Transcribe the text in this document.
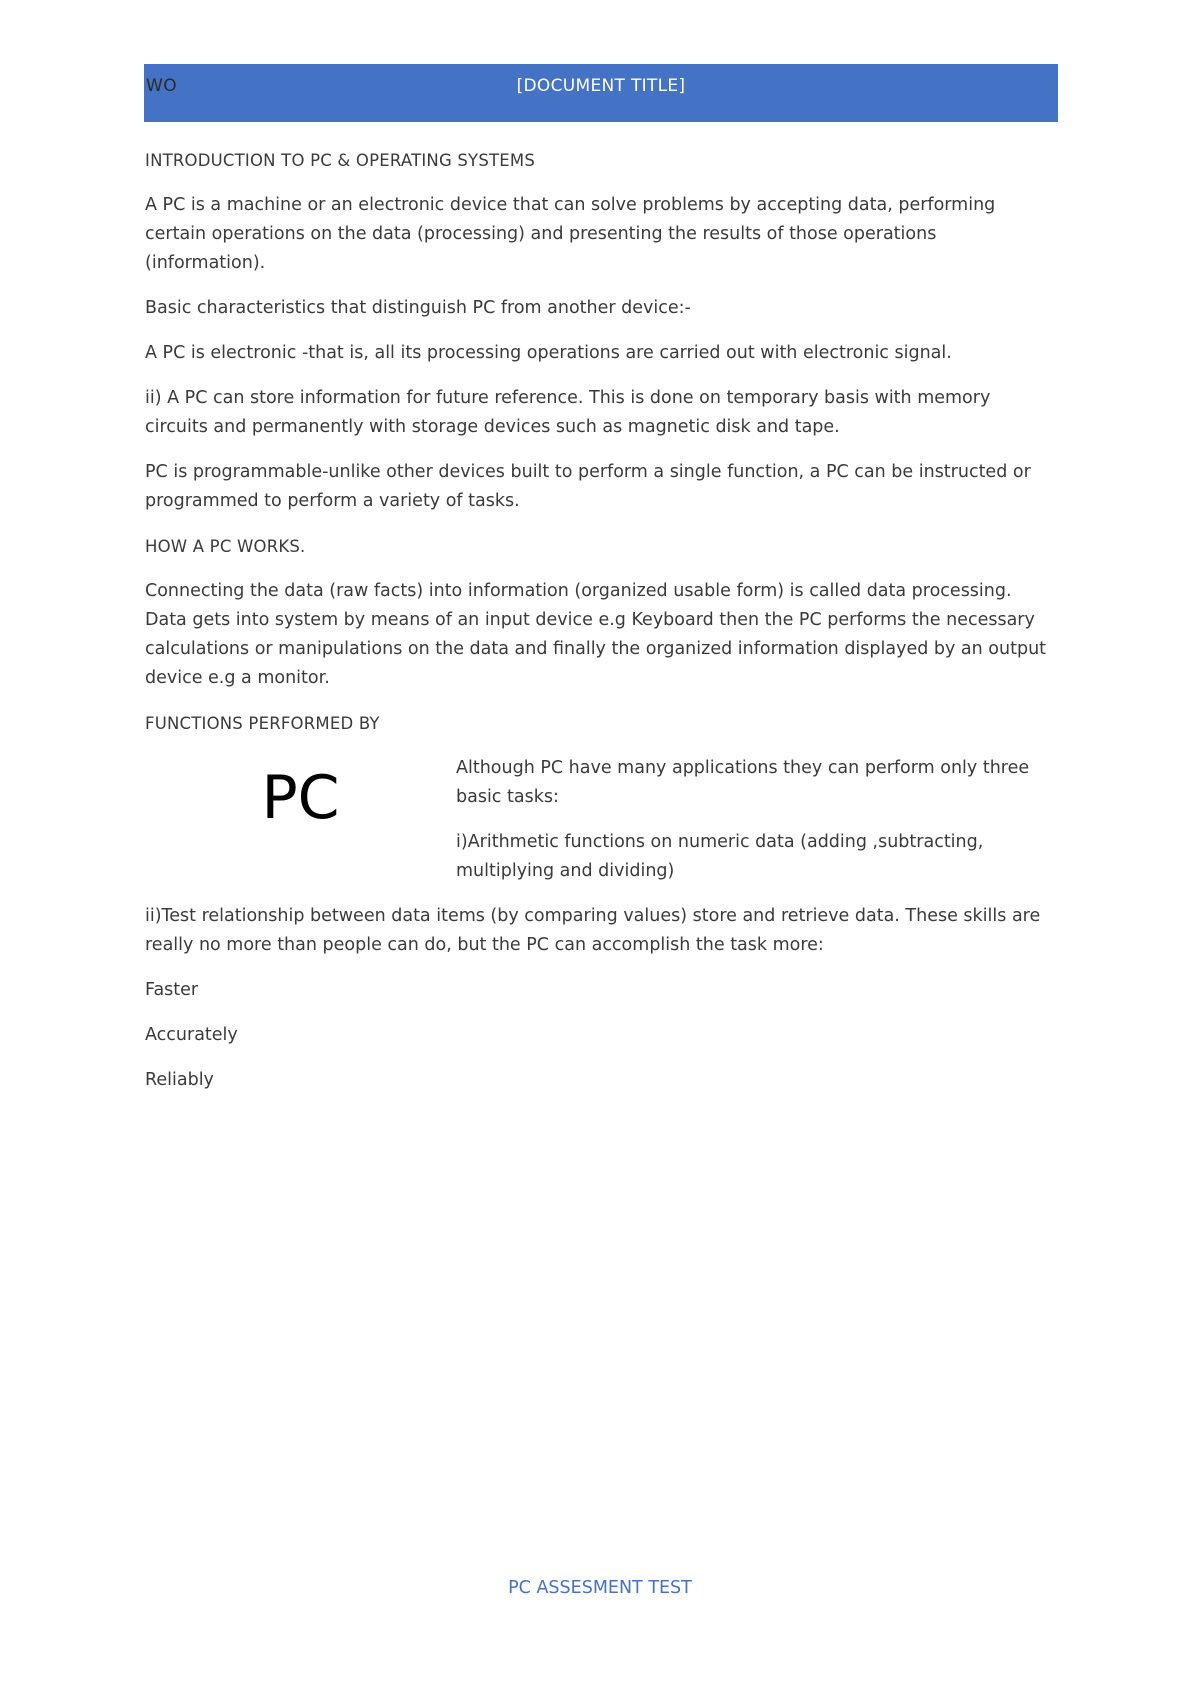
WO	[DOCUMENT TITLE]

INTRODUCTION TO PC & OPERATING SYSTEMS

A PC is a machine or an electronic device that can solve problems by accepting data, performing certain operations on the data (processing) and presenting the results of those operations (information).

Basic characteristics that distinguish PC from another device:-

A PC is electronic -that is, all its processing operations are carried out with electronic signal.

ii) A PC can store information for future reference. This is done on temporary basis with memory circuits and permanently with storage devices such as magnetic disk and tape.

PC is programmable-unlike other devices built to perform a single function, a PC can be instructed or programmed to perform a variety of tasks.

HOW A PC WORKS.

Connecting the data (raw facts) into information (organized usable form) is called data processing. Data gets into system by means of an input device e.g Keyboard then the PC performs the necessary calculations or manipulations on the data and finally the organized information displayed by an output device e.g a monitor.

FUNCTIONS PERFORMED BY

PC	Although PC have many applications they can perform only three basic tasks:

i)Arithmetic functions on numeric data (adding ,subtracting, multiplying and dividing)

ii)Test relationship between data items (by comparing values) store and retrieve data. These skills are really no more than people can do, but the PC can accomplish the task more:

Faster

Accurately

Reliably

PC ASSESMENT TEST
